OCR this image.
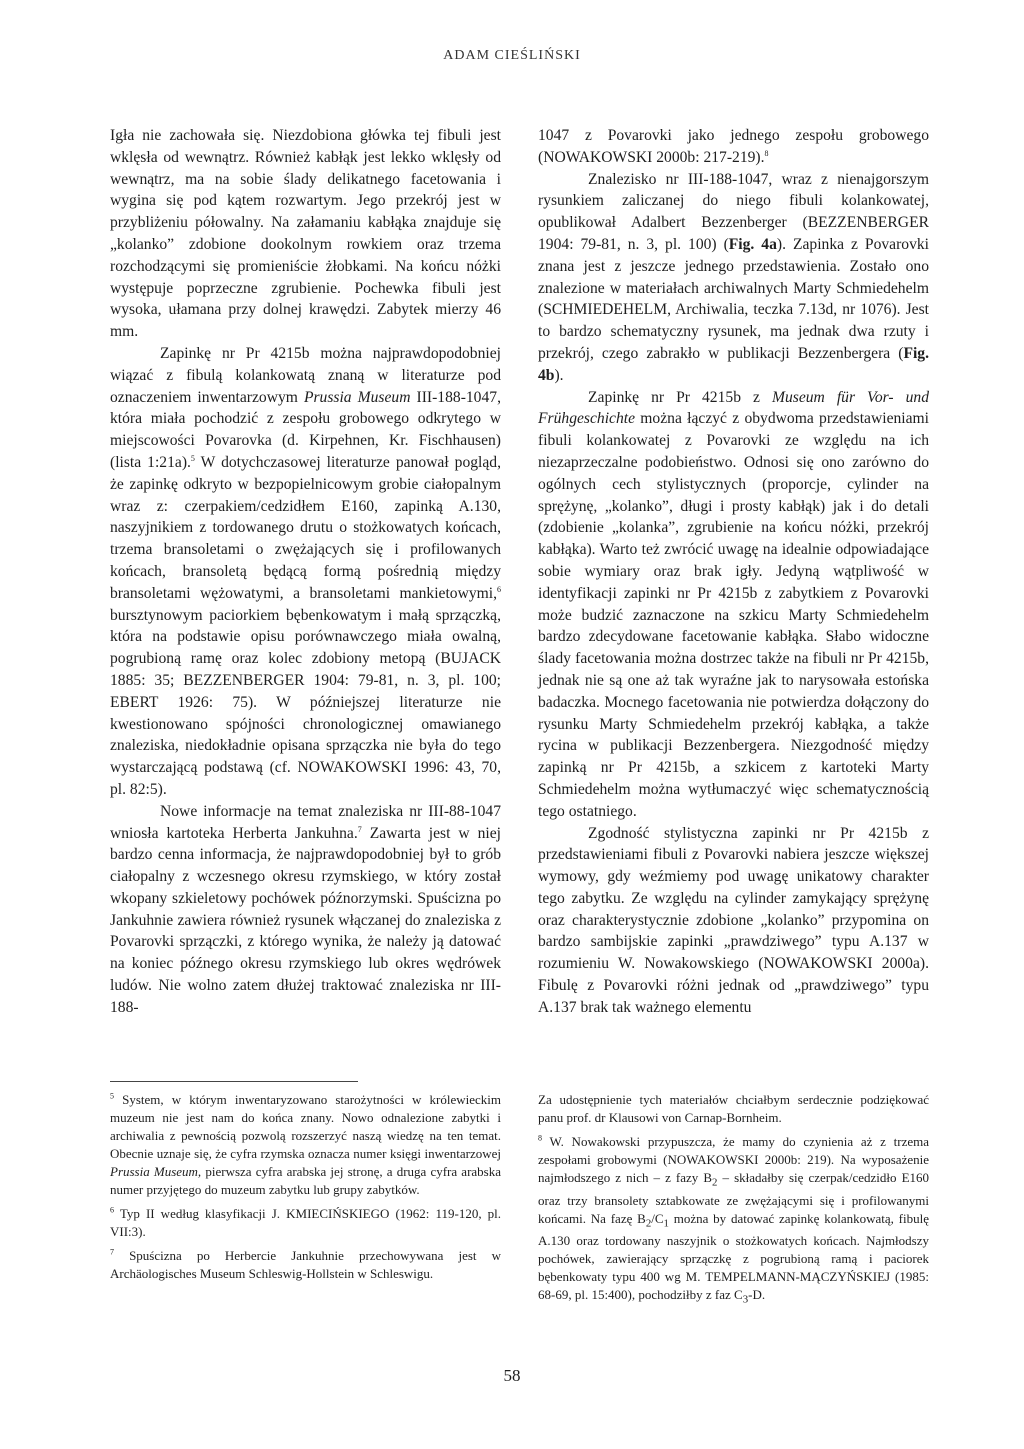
ADAM CIEŚLIŃSKI

Igła nie zachowała się. Niezdobiona główka tej fibuli jest wklęsła od wewnątrz. Również kabłąk jest lekko wklęsły od wewnątrz, ma na sobie ślady delikatnego facetowania i wygina się pod kątem rozwartym. Jego przekrój jest w przybliżeniu półowalny. Na załamaniu kabłąka znajduje się „kolanko” zdobione dookolnym rowkiem oraz trzema rozchodzącymi się promieniście żłobkami. Na końcu nóżki występuje poprzeczne zgrubienie. Pochewka fibuli jest wysoka, ułamana przy dolnej krawędzi. Zabytek mierzy 46 mm.

Zapinkę nr Pr 4215b można najprawdopodobniej wiązać z fibulą kolankowatą znaną w literaturze pod oznaczeniem inwentarzowym Prussia Museum III-188-1047, która miała pochodzić z zespołu grobowego odkrytego w miejscowości Povarovka (d. Kirpehnen, Kr. Fischhausen) (lista 1:21a).$^5$ W dotychczasowej literaturze panował pogląd, że zapinkę odkryto w bezpopielnicowym grobie ciałopalnym wraz z: czerpakiem/cedzidłem E160, zapinką A.130, naszyjnikiem z tordowanego drutu o stożkowatych końcach, trzema bransoletami o zwężających się i profilowanych końcach, bransoletą będącą formą pośrednią między bransoletami wężowatymi, a bransoletami mankietowymi,$^6$ bursztynowym paciorkiem bębenkowatym i małą sprzączką, która na podstawie opisu porównawczego miała owalną, pogrubioną ramę oraz kolec zdobiony metopą (BUJACK 1885: 35; BEZZENBERGER 1904: 79-81, n. 3, pl. 100; EBERT 1926: 75). W późniejszej literaturze nie kwestionowano spójności chronologicznej omawianego znaleziska, niedokładnie opisana sprzączka nie była do tego wystarczającą podstawą (cf. NOWAKOWSKI 1996: 43, 70, pl. 82:5).

Nowe informacje na temat znaleziska nr III-88-1047 wniosła kartoteka Herberta Jankuhna.$^7$ Zawarta jest w niej bardzo cenna informacja, że najprawdopodobniej był to grób ciałopalny z wczesnego okresu rzymskiego, w który został wkopany szkieletowy pochówek późnorzymski. Spuścizna po Jankuhnie zawiera również rysunek włączanej do znaleziska z Povarovki sprzączki, z którego wynika, że należy ją datować na koniec późnego okresu rzymskiego lub okres wędrówek ludów. Nie wolno zatem dłużej traktować znaleziska nr III-188-

1047 z Povarovki jako jednego zespołu grobowego (NOWAKOWSKI 2000b: 217-219).$^8$

Znalezisko nr III-188-1047, wraz z nienajgorszym rysunkiem zaliczanej do niego fibuli kolankowatej, opublikował Adalbert Bezzenberger (BEZZENBERGER 1904: 79-81, n. 3, pl. 100) (Fig. 4a). Zapinka z Povarovki znana jest z jeszcze jednego przedstawienia. Zostało ono znalezione w materiałach archiwalnych Marty Schmiedehelm (SCHMIEDEHELM, Archiwalia, teczka 7.13d, nr 1076). Jest to bardzo schematyczny rysunek, ma jednak dwa rzuty i przekrój, czego zabrakło w publikacji Bezzenbergera (Fig. 4b).

Zapinkę nr Pr 4215b z Museum für Vor- und Frühgeschichte można łączyć z obydwoma przedstawieniami fibuli kolankowatej z Povarovki ze względu na ich niezaprzeczalne podobieństwo. Odnosi się ono zarówno do ogólnych cech stylistycznych (proporcje, cylinder na sprężynę, „kolanko”, długi i prosty kabłąk) jak i do detali (zdobienie „kolanka”, zgrubienie na końcu nóżki, przekrój kabłąka). Warto też zwrócić uwagę na idealnie odpowiadające sobie wymiary oraz brak igły. Jedyną wątpliwość w identyfikacji zapinki nr Pr 4215b z zabytkiem z Povarovki może budzić zaznaczone na szkicu Marty Schmiedehelm bardzo zdecydowane facetowanie kabłąka. Słabo widoczne ślady facetowania można dostrzec także na fibuli nr Pr 4215b, jednak nie są one aż tak wyraźne jak to narysowała estońska badaczka. Mocnego facetowania nie potwierdza dołączony do rysunku Marty Schmiedehelm przekrój kabłąka, a także rycina w publikacji Bezzenbergera. Niezgodność między zapinką nr Pr 4215b, a szkicem z kartoteki Marty Schmiedehelm można wytłumaczyć więc schematycznością tego ostatniego.

Zgodność stylistyczna zapinki nr Pr 4215b z przedstawieniami fibuli z Povarovki nabiera jeszcze większej wymowy, gdy weźmiemy pod uwagę unikatowy charakter tego zabytku. Ze względu na cylinder zamykający sprężynę oraz charakterystycznie zdobione „kolanko” przypomina on bardzo sambijskie zapinki „prawdziwego” typu A.137 w rozumieniu W. Nowakowskiego (NOWAKOWSKI 2000a). Fibulę z Povarovki różni jednak od „prawdziwego” typu A.137 brak tak ważnego elementu

$^5$ System, w którym inwentaryzowano starożytności w królewieckim muzeum nie jest nam do końca znany. Nowo odnalezione zabytki i archiwalia z pewnością pozwolą rozszerzyć naszą wiedzę na ten temat. Obecnie uznaje się, że cyfra rzymska oznacza numer księgi inwentarzowej Prussia Museum, pierwsza cyfra arabska jej stronę, a druga cyfra arabska numer przyjętego do muzeum zabytku lub grupy zabytków.

$^6$ Typ II według klasyfikacji J. KMIECIŃSKIEGO (1962: 119-120, pl. VII:3).

$^7$ Spuścizna po Herbercie Jankuhnie przechowywana jest w Archäologisches Museum Schleswig-Hollstein w Schleswigu.

Za udostępnienie tych materiałów chciałbym serdecznie podziękować panu prof. dr Klausowi von Carnap-Bornheim.

$^8$ W. Nowakowski przypuszcza, że mamy do czynienia aż z trzema zespołami grobowymi (NOWAKOWSKI 2000b: 219). Na wyposażenie najmłodszego z nich – z fazy $B_2$ – składałby się czerpak/cedzidło E160 oraz trzy bransolety sztabkowate ze zwężającymi się i profilowanymi końcami. Na fazę $B_2/C_1$ można by datować zapinkę kolankowatą, fibulę A.130 oraz tordowany naszyjnik o stożkowatych końcach. Najmłodszy pochówek, zawierający sprzączkę z pogrubioną ramą i paciorek bębenkowaty typu 400 wg M. TEMPELMANN-MĄCZYŃSKIEJ (1985: 68-69, pl. 15:400), pochodziłby z faz $C_3-D$.

58
